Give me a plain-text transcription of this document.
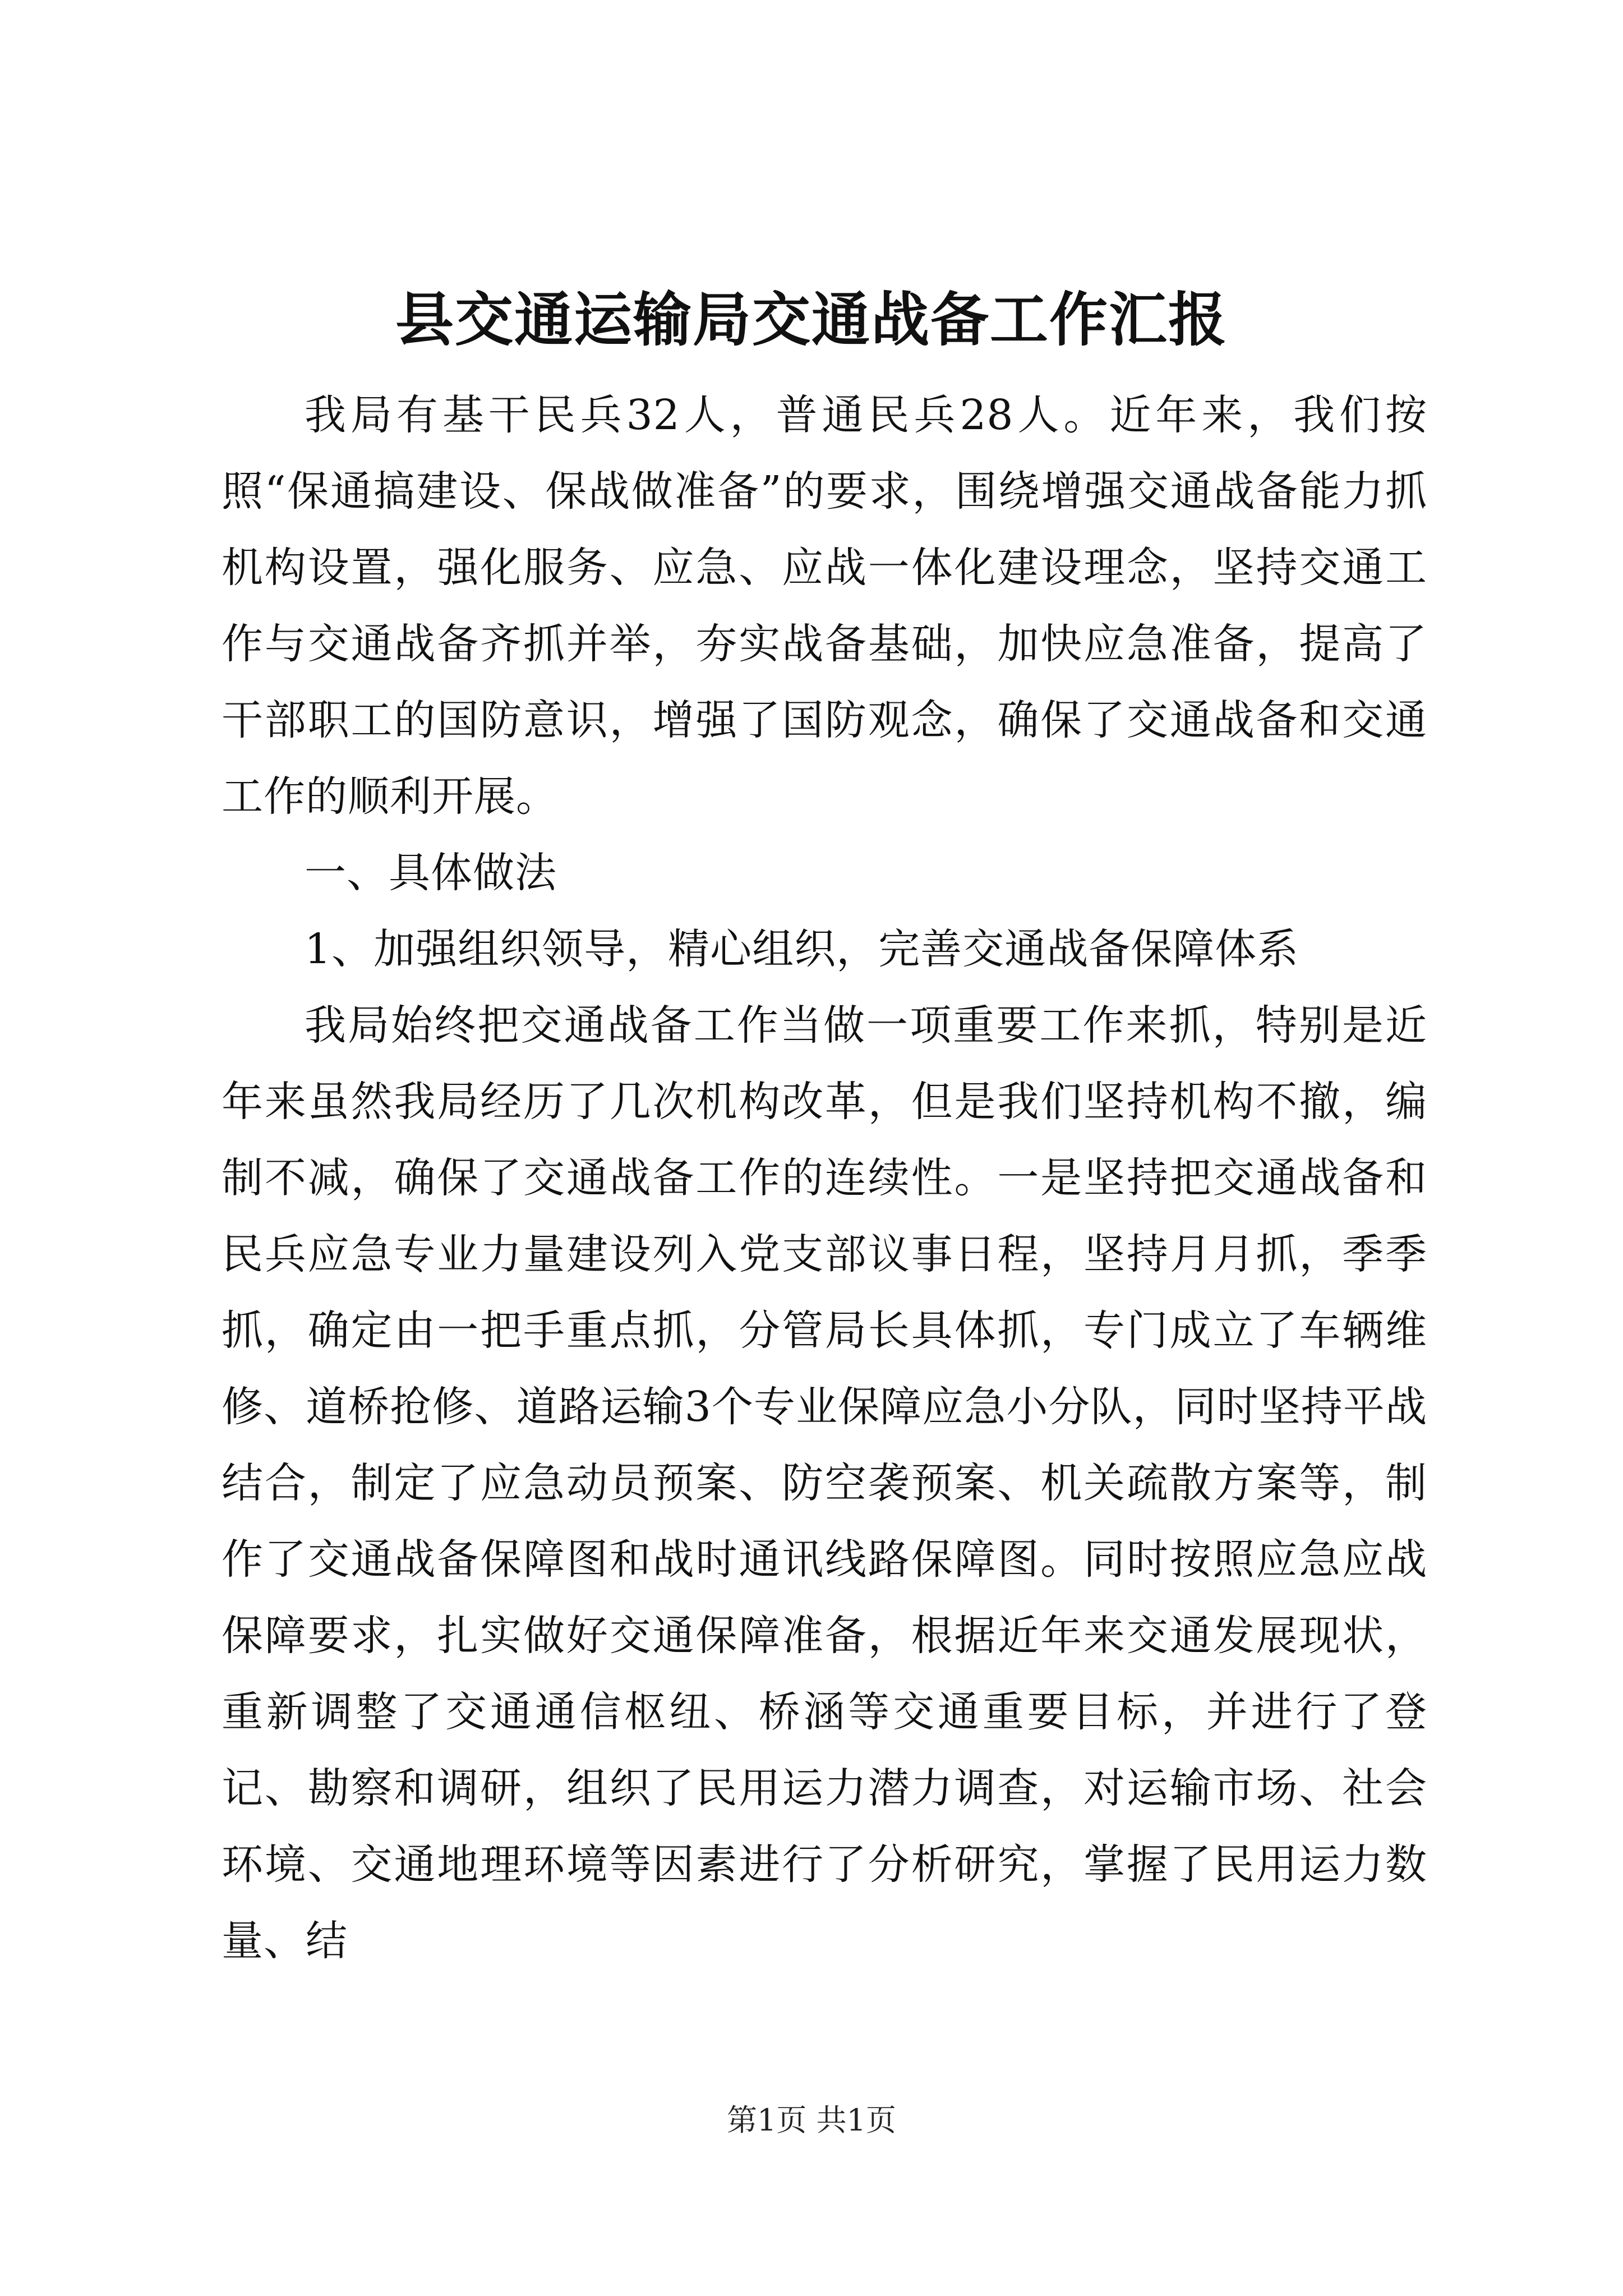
县交通运输局交通战备工作汇报

我局有基干民兵32人，普通民兵28人。近年来，我们按照“保通搞建设、保战做准备”的要求，围绕增强交通战备能力抓机构设置，强化服务、应急、应战一体化建设理念，坚持交通工作与交通战备齐抓并举，夯实战备基础，加快应急准备，提高了干部职工的国防意识，增强了国防观念，确保了交通战备和交通工作的顺利开展。

一、具体做法

1、加强组织领导，精心组织，完善交通战备保障体系

我局始终把交通战备工作当做一项重要工作来抓，特别是近年来虽然我局经历了几次机构改革，但是我们坚持机构不撤，编制不减，确保了交通战备工作的连续性。一是坚持把交通战备和民兵应急专业力量建设列入党支部议事日程，坚持月月抓，季季抓，确定由一把手重点抓，分管局长具体抓，专门成立了车辆维修、道桥抢修、道路运输3个专业保障应急小分队，同时坚持平战结合，制定了应急动员预案、防空袭预案、机关疏散方案等，制作了交通战备保障图和战时通讯线路保障图。同时按照应急应战保障要求，扎实做好交通保障准备，根据近年来交通发展现状，重新调整了交通通信枢纽、桥涵等交通重要目标，并进行了登记、勘察和调研，组织了民用运力潜力调查，对运输市场、社会环境、交通地理环境等因素进行了分析研究，掌握了民用运力数量、结

第1页 共1页
